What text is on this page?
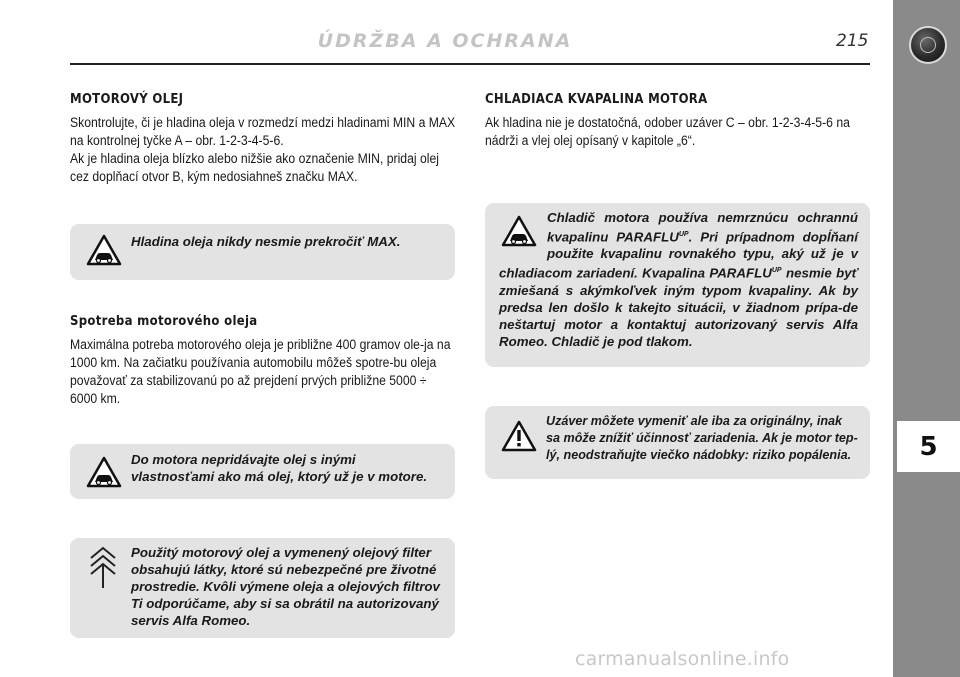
ÚDRŽBA A OCHRANA	215
5

MOTOROVÝ OLEJ

Skontrolujte, či je hladina oleja v rozmedzí medzi hladinami MIN a MAX na kontrolnej tyčke A – obr. 1-2-3-4-5-6.

Ak je hladina oleja blízko alebo nižšie ako označenie MIN, pridaj olej cez doplňací otvor B, kým nedosiahneš značku MAX.

Hladina oleja nikdy nesmie prekročiť MAX.

Spotreba motorového oleja

Maximálna potreba motorového oleja je približne 400 gramov ole-ja na 1000 km. Na začiatku používania automobilu môžeš spotre-bu oleja považovať za stabilizovanú po až prejdení prvých približne 5000 ÷ 6000 km.

Do motora nepridávajte olej s inými vlastnosťami ako má olej, ktorý už je v motore.
Použitý motorový olej a vymenený olejový filter obsahujú látky, ktoré sú nebezpečné pre životné prostredie. Kvôli výmene oleja a olejových filtrov Ti odporúčame, aby si sa obrátil na autorizovaný servis Alfa Romeo.

CHLADIACA KVAPALINA MOTORA

Ak hladina nie je dostatočná, odober uzáver C – obr. 1-2-3-4-5-6 na nádrži a vlej olej opísaný v kapitole „6“.

Chladič motora používa nemrznúcu ochrannú kvapalinu $PARAFLU^{UP}$. Pri prípadnom dopĺňaní použite kvapalinu rovnakého typu, aký už je v chladiacom zariadení. Kvapalina $PARAFLU^{UP}$ nesmie byť zmiešaná s akýmkoľvek iným typom kvapaliny. Ak by predsa len došlo k takejto situácii, v žiadnom prípa-de neštartuj motor a kontaktuj autorizovaný servis Alfa Romeo. Chladič je pod tlakom.
Uzáver môžete vymeniť ale iba za originálny, inak sa môže znížiť účinnosť zariadenia. Ak je motor tep-lý, neodstraňujte viečko nádobky: riziko popálenia.
carmanualsonline.info
